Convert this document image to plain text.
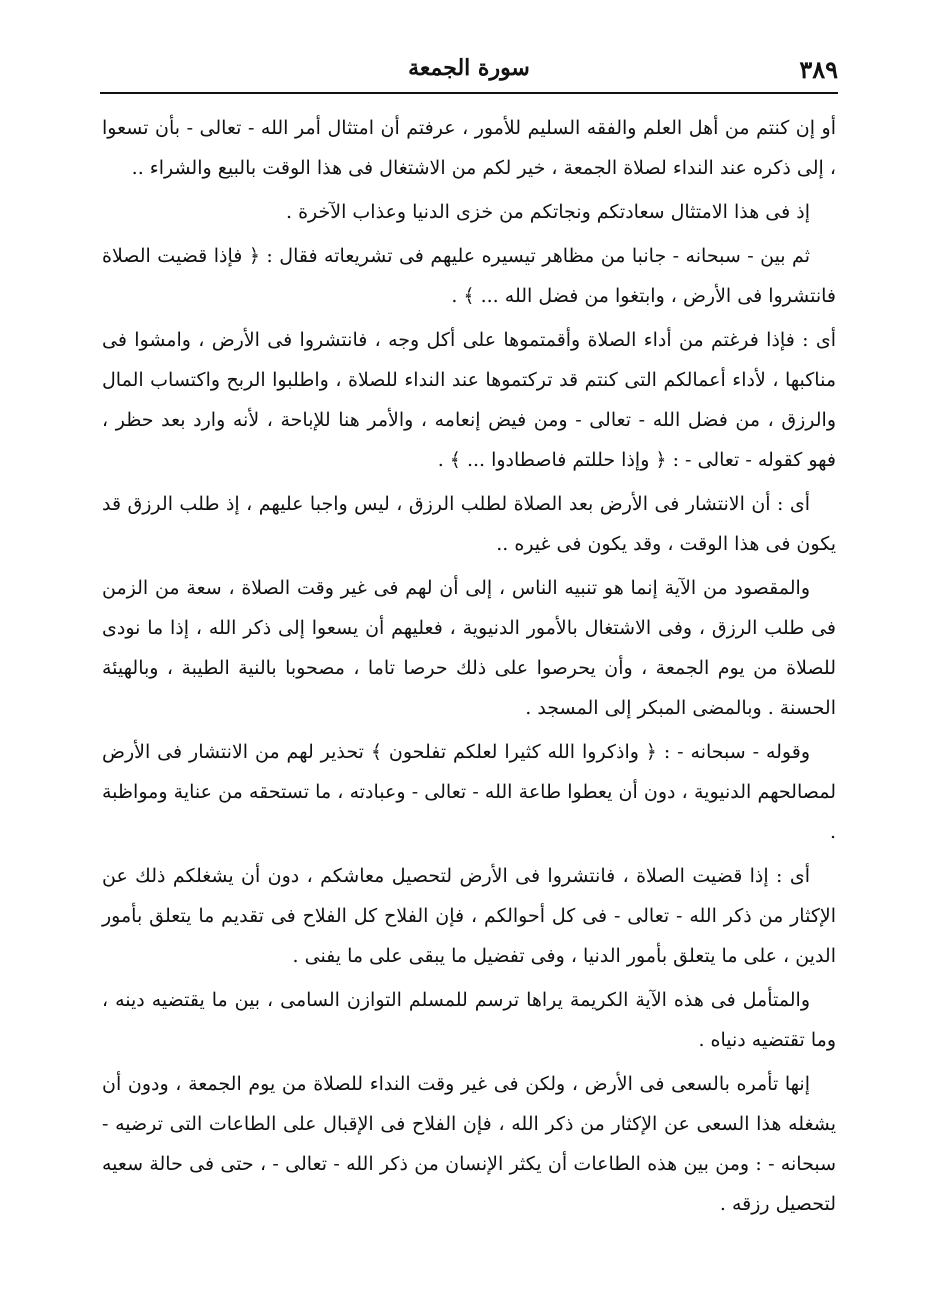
سورة الجمعة	٣٨٩

أو إن كنتم من أهل العلم والفقه السليم للأمور ، عرفتم أن امتثال أمر الله - تعالى - بأن تسعوا ، إلى ذكره عند النداء لصلاة الجمعة ، خير لكم من الاشتغال فى هذا الوقت بالبيع والشراء ..

إذ فى هذا الامتثال سعادتكم ونجاتكم من خزى الدنيا وعذاب الآخرة .

ثم بين - سبحانه - جانبا من مظاهر تيسيره عليهم فى تشريعاته فقال : ﴿ فإذا قضيت الصلاة فانتشروا فى الأرض ، وابتغوا من فضل الله ... ﴾ .

أى : فإذا فرغتم من أداء الصلاة وأقمتموها على أكل وجه ، فانتشروا فى الأرض ، وامشوا فى مناكبها ، لأداء أعمالكم التى كنتم قد تركتموها عند النداء للصلاة ، واطلبوا الربح واكتساب المال والرزق ، من فضل الله - تعالى - ومن فيض إنعامه ، والأمر هنا للإباحة ، لأنه وارد بعد حظر ، فهو كقوله - تعالى - : ﴿ وإذا حللتم فاصطادوا ... ﴾ .

أى : أن الانتشار فى الأرض بعد الصلاة لطلب الرزق ، ليس واجبا عليهم ، إذ طلب الرزق قد يكون فى هذا الوقت ، وقد يكون فى غيره ..

والمقصود من الآية إنما هو تنبيه الناس ، إلى أن لهم فى غير وقت الصلاة ، سعة من الزمن فى طلب الرزق ، وفى الاشتغال بالأمور الدنيوية ، فعليهم أن يسعوا إلى ذكر الله ، إذا ما نودى للصلاة من يوم الجمعة ، وأن يحرصوا على ذلك حرصا تاما ، مصحوبا بالنية الطيبة ، وبالهيئة الحسنة . وبالمضى المبكر إلى المسجد .

وقوله - سبحانه - : ﴿ واذكروا الله كثيرا لعلكم تفلحون ﴾ تحذير لهم من الانتشار فى الأرض لمصالحهم الدنيوية ، دون أن يعطوا طاعة الله - تعالى - وعبادته ، ما تستحقه من عناية ومواظبة .

أى : إذا قضيت الصلاة ، فانتشروا فى الأرض لتحصيل معاشكم ، دون أن يشغلكم ذلك عن الإكثار من ذكر الله - تعالى - فى كل أحوالكم ، فإن الفلاح كل الفلاح فى تقديم ما يتعلق بأمور الدين ، على ما يتعلق بأمور الدنيا ، وفى تفضيل ما يبقى على ما يفنى .

والمتأمل فى هذه الآية الكريمة يراها ترسم للمسلم التوازن السامى ، بين ما يقتضيه دينه ، وما تقتضيه دنياه .

إنها تأمره بالسعى فى الأرض ، ولكن فى غير وقت النداء للصلاة من يوم الجمعة ، ودون أن يشغله هذا السعى عن الإكثار من ذكر الله ، فإن الفلاح فى الإقبال على الطاعات التى ترضيه - سبحانه - : ومن بين هذه الطاعات أن يكثر الإنسان من ذكر الله - تعالى - ، حتى فى حالة سعيه لتحصيل رزقه .
